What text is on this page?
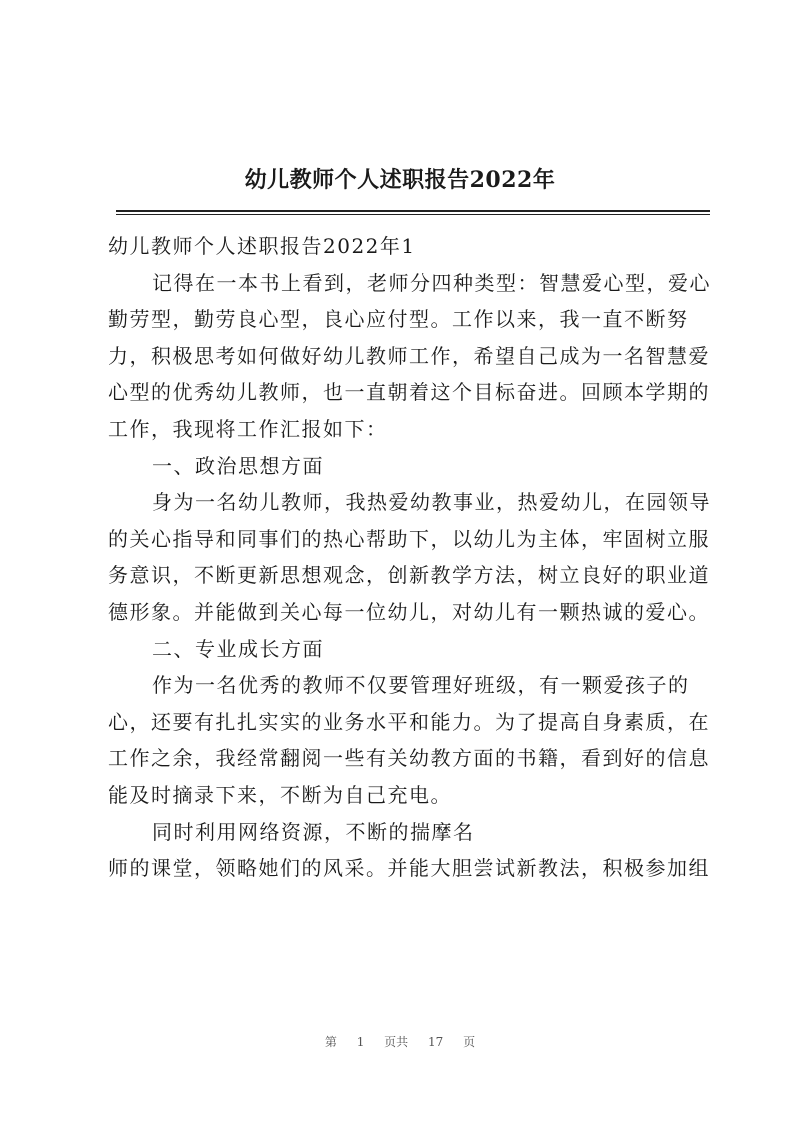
幼儿教师个人述职报告2022年
幼儿教师个人述职报告2022年1
记得在一本书上看到，老师分四种类型：智慧爱心型，爱心
勤劳型，勤劳良心型，良心应付型。工作以来，我一直不断努
力，积极思考如何做好幼儿教师工作，希望自己成为一名智慧爱
心型的优秀幼儿教师，也一直朝着这个目标奋进。回顾本学期的
工作，我现将工作汇报如下：
一、政治思想方面
身为一名幼儿教师，我热爱幼教事业，热爱幼儿，在园领导
的关心指导和同事们的热心帮助下，以幼儿为主体，牢固树立服
务意识，不断更新思想观念，创新教学方法，树立良好的职业道
德形象。并能做到关心每一位幼儿，对幼儿有一颗热诚的爱心。
二、专业成长方面
作为一名优秀的教师不仅要管理好班级，有一颗爱孩子的
心，还要有扎扎实实的业务水平和能力。为了提高自身素质，在
工作之余，我经常翻阅一些有关幼教方面的书籍，看到好的信息
能及时摘录下来，不断为自己充电。
同时利用网络资源，不断的揣摩名
师的课堂，领略她们的风采。并能大胆尝试新教法，积极参加组
第 1 页共 17 页
